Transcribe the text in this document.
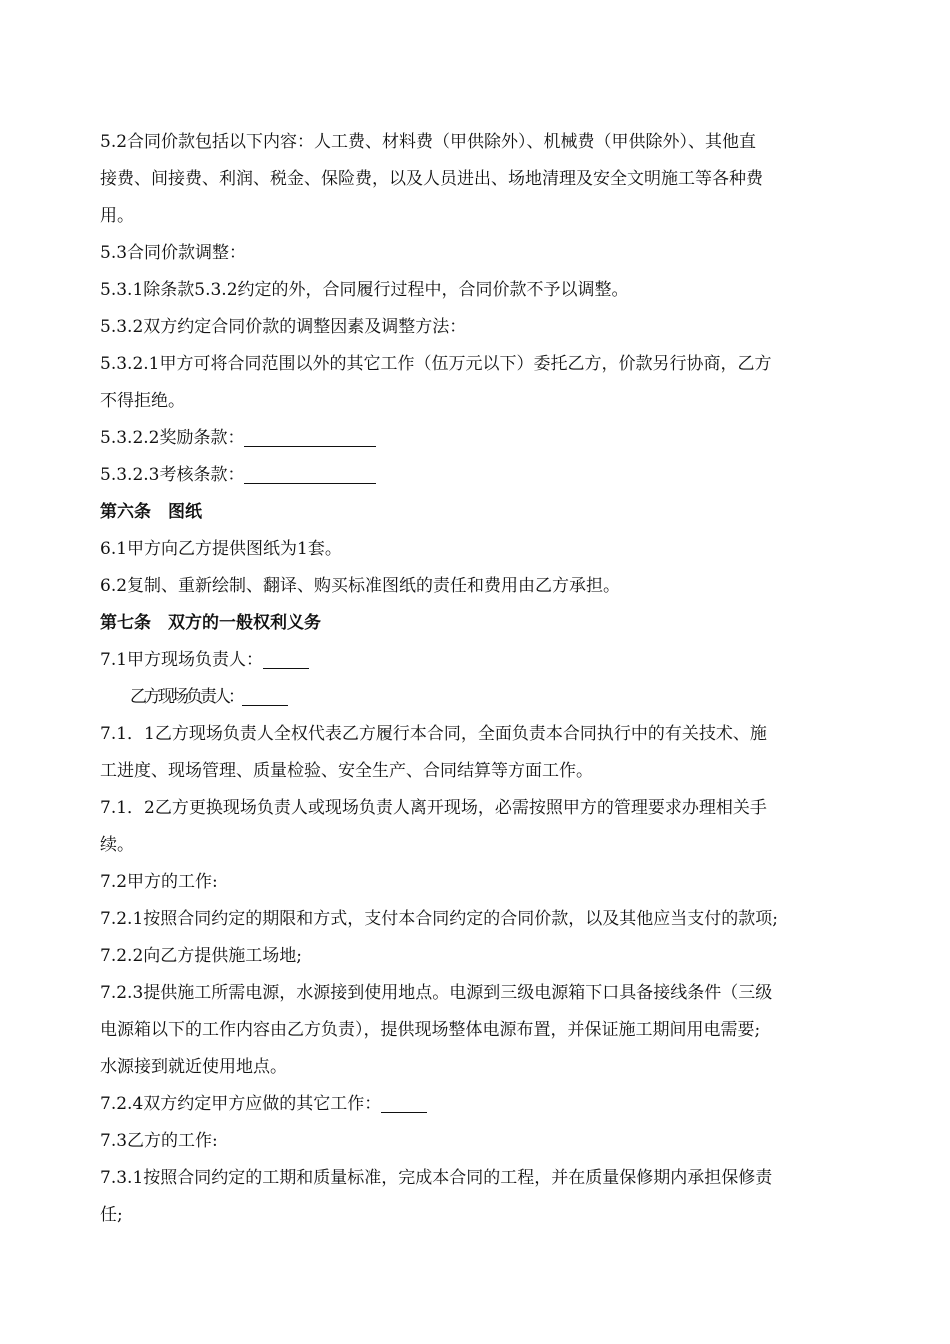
5.2合同价款包括以下内容：人工费、材料费（甲供除外）、机械费（甲供除外）、其他直
接费、间接费、利润、税金、保险费，以及人员进出、场地清理及安全文明施工等各种费
用。
5.3合同价款调整：
5.3.1除条款5.3.2约定的外，合同履行过程中，合同价款不予以调整。
5.3.2双方约定合同价款的调整因素及调整方法：
5.3.2.1甲方可将合同范围以外的其它工作（伍万元以下）委托乙方，价款另行协商，乙方
不得拒绝。
5.3.2.2奖励条款：
5.3.2.3考核条款：
第六条　图纸
6.1甲方向乙方提供图纸为1套。
6.2复制、重新绘制、翻译、购买标准图纸的责任和费用由乙方承担。
第七条　双方的一般权利义务
7.1甲方现场负责人：
乙方现场负责人：
7.1．1乙方现场负责人全权代表乙方履行本合同，全面负责本合同执行中的有关技术、施
工进度、现场管理、质量检验、安全生产、合同结算等方面工作。
7.1．2乙方更换现场负责人或现场负责人离开现场，必需按照甲方的管理要求办理相关手
续。
7.2甲方的工作:
7.2.1按照合同约定的期限和方式，支付本合同约定的合同价款，以及其他应当支付的款项;
7.2.2向乙方提供施工场地;
7.2.3提供施工所需电源，水源接到使用地点。电源到三级电源箱下口具备接线条件（三级
电源箱以下的工作内容由乙方负责），提供现场整体电源布置，并保证施工期间用电需要;
水源接到就近使用地点。
7.2.4双方约定甲方应做的其它工作：
7.3乙方的工作:
7.3.1按照合同约定的工期和质量标准，完成本合同的工程，并在质量保修期内承担保修责
任;
